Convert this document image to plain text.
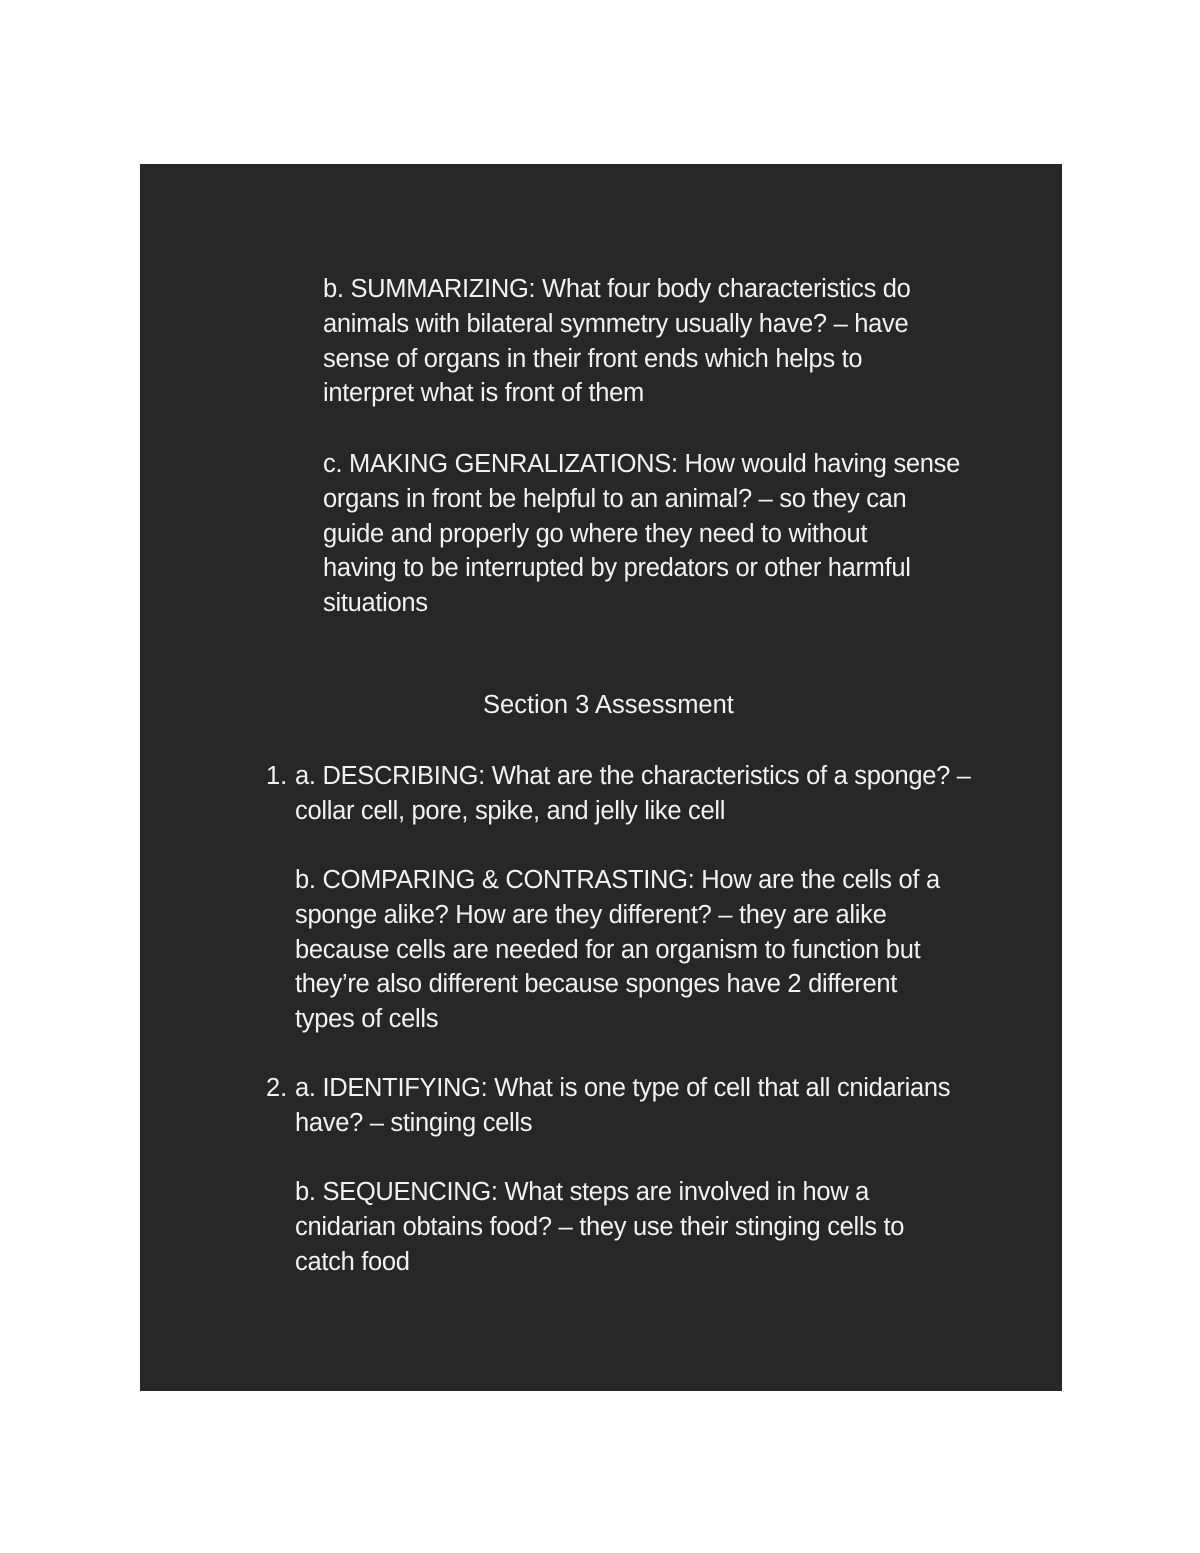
b. SUMMARIZING: What four body characteristics do
animals with bilateral symmetry usually have? – have
sense of organs in their front ends which helps to
interpret what is front of them
c. MAKING GENRALIZATIONS: How would having sense
organs in front be helpful to an animal? – so they can
guide and properly go where they need to without
having to be interrupted by predators or other harmful
situations
Section 3 Assessment
1. a. DESCRIBING: What are the characteristics of a sponge? –
collar cell, pore, spike, and jelly like cell
b. COMPARING & CONTRASTING: How are the cells of a
sponge alike? How are they different? – they are alike
because cells are needed for an organism to function but
they’re also different because sponges have 2 different
types of cells
2. a. IDENTIFYING: What is one type of cell that all cnidarians
have? – stinging cells
b. SEQUENCING: What steps are involved in how a
cnidarian obtains food? – they use their stinging cells to
catch food
